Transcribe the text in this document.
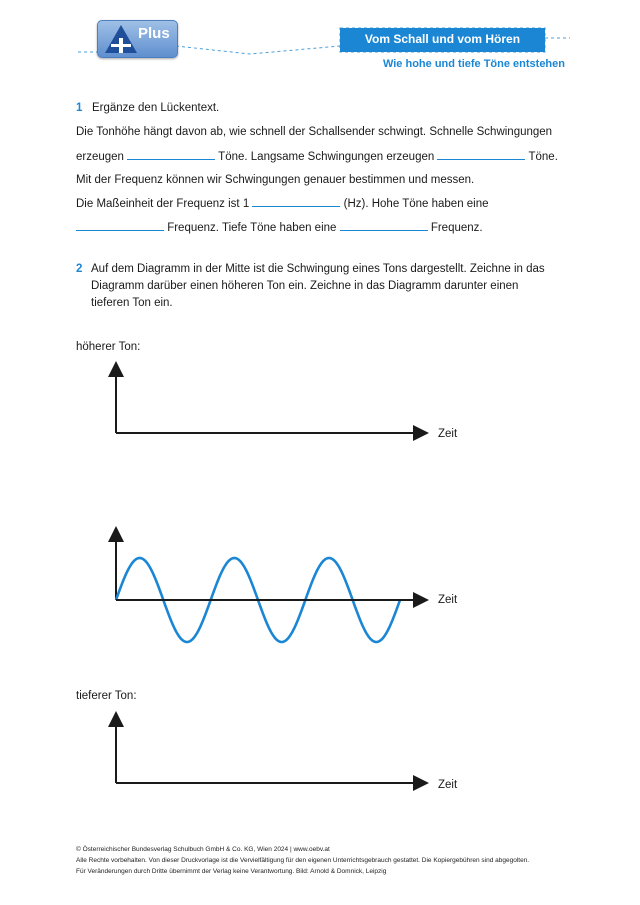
Plus	Vom Schall und vom Hören
Wie hohe und tiefe Töne entstehen
1 Ergänze den Lückentext.
Die Tonhöhe hängt davon ab, wie schnell der Schallsender schwingt. Schnelle Schwingungen
erzeugen	Töne. Langsame Schwingungen erzeugen	Töne.
Mit der Frequenz können wir Schwingungen genauer bestimmen und messen.
Die Maßeinheit der Frequenz ist 1	(Hz). Hohe Töne haben eine
Frequenz. Tiefe Töne haben eine	Frequenz.
2 Auf dem Diagramm in der Mitte ist die Schwingung eines Tons dargestellt. Zeichne in das
Diagramm darüber einen höheren Ton ein. Zeichne in das Diagramm darunter einen
tieferen Ton ein.
höherer Ton:
Zeit
Zeit
tieferer Ton:
Zeit
© Österreichischer Bundesverlag Schulbuch GmbH & Co. KG, Wien 2024 | www.oebv.at
Alle Rechte vorbehalten. Von dieser Druckvorlage ist die Vervielfältigung für den eigenen Unterrichtsgebrauch gestattet. Die Kopiergebühren sind abgegolten.
Für Veränderungen durch Dritte übernimmt der Verlag keine Verantwortung. Bild: Arnold & Domnick, Leipzig
